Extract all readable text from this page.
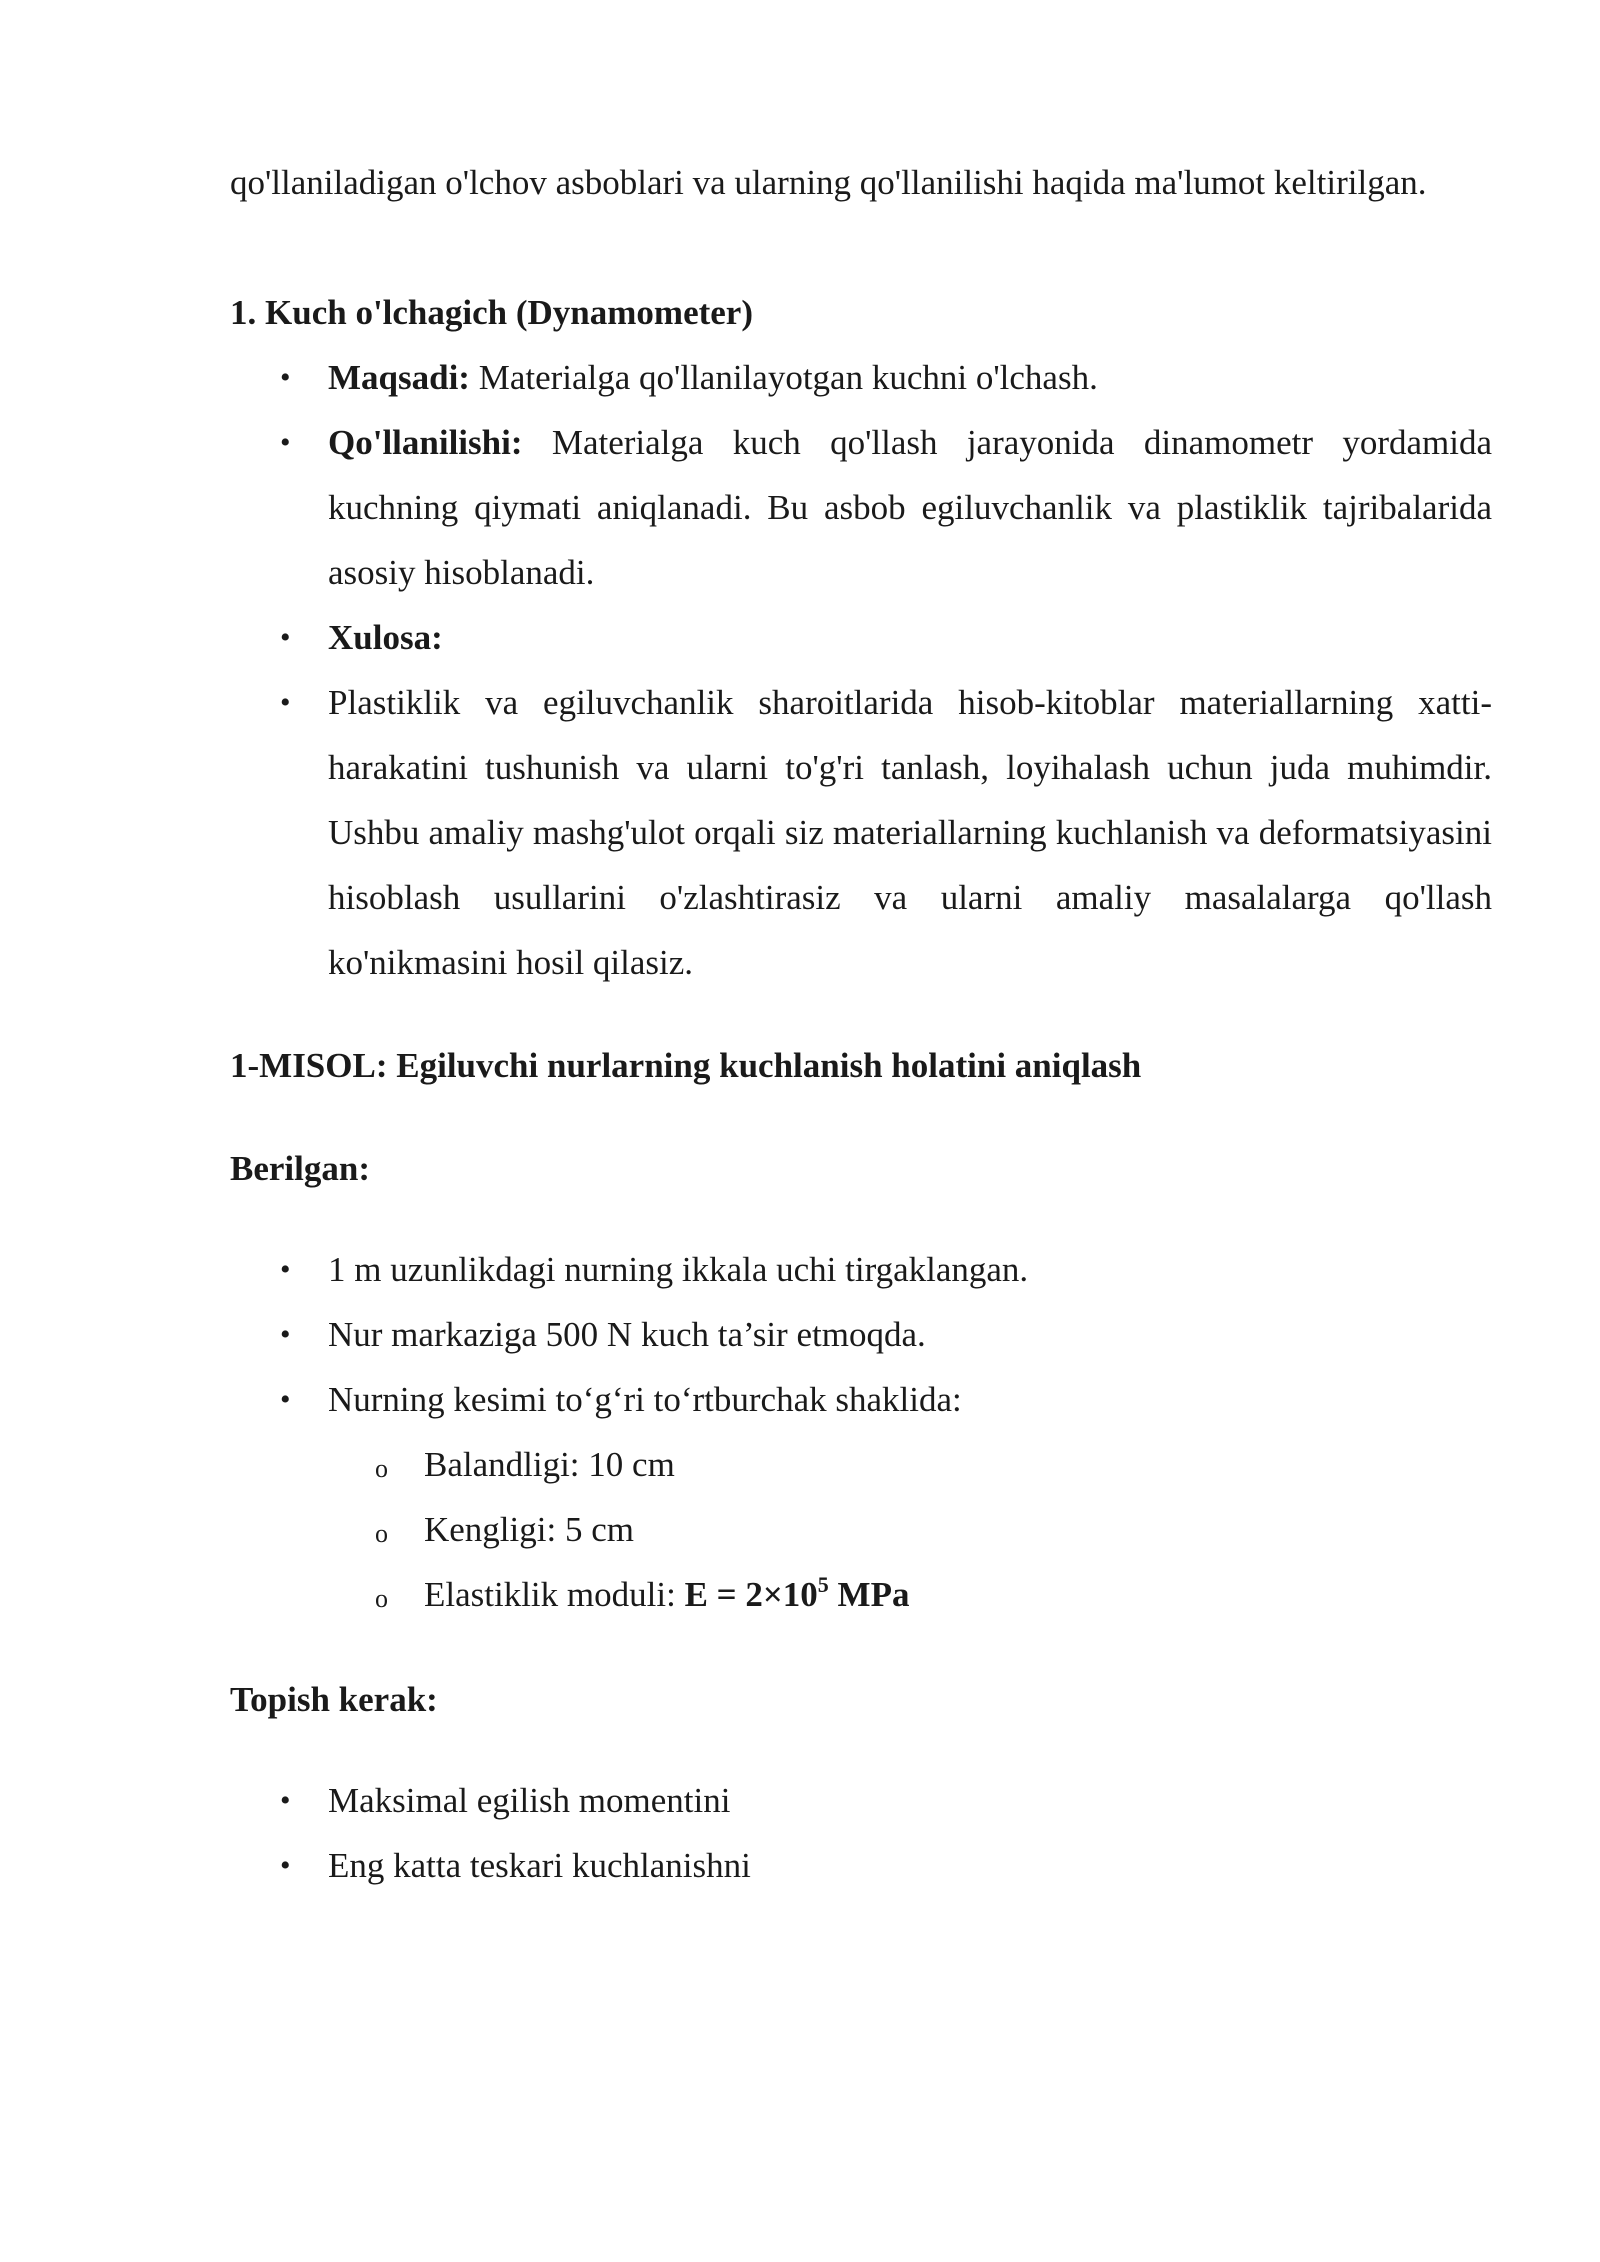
qo'llaniladigan o'lchov asboblari va ularning qo'llanilishi haqida ma'lumot keltirilgan.

1. Kuch o'lchagich (Dynamometer)
• Maqsadi: Materialga qo'llanilayotgan kuchni o'lchash.
• Qo'llanilishi: Materialga kuch qo'llash jarayonida dinamometr yordamida kuchning qiymati aniqlanadi. Bu asbob egiluvchanlik va plastiklik tajribalarida asosiy hisoblanadi.
• Xulosa:
• Plastiklik va egiluvchanlik sharoitlarida hisob-kitoblar materiallarning xatti-harakatini tushunish va ularni to'g'ri tanlash, loyihalash uchun juda muhimdir. Ushbu amaliy mashg'ulot orqali siz materiallarning kuchlanish va deformatsiyasini hisoblash usullarini o'zlashtirasiz va ularni amaliy masalalarga qo'llash ko'nikmasini hosil qilasiz.
1-MISOL: Egiluvchi nurlarning kuchlanish holatini aniqlash
Berilgan:
• 1 m uzunlikdagi nurning ikkala uchi tirgaklangan.
• Nur markaziga 500 N kuch ta’sir etmoqda.
• Nurning kesimi to‘g‘ri to‘rtburchak shaklida:
o Balandligi: 10 cm
o Kengligi: 5 cm
o Elastiklik moduli: $E = 2\times 10^5$ MPa
Topish kerak:
• Maksimal egilish momentini
• Eng katta teskari kuchlanishni
